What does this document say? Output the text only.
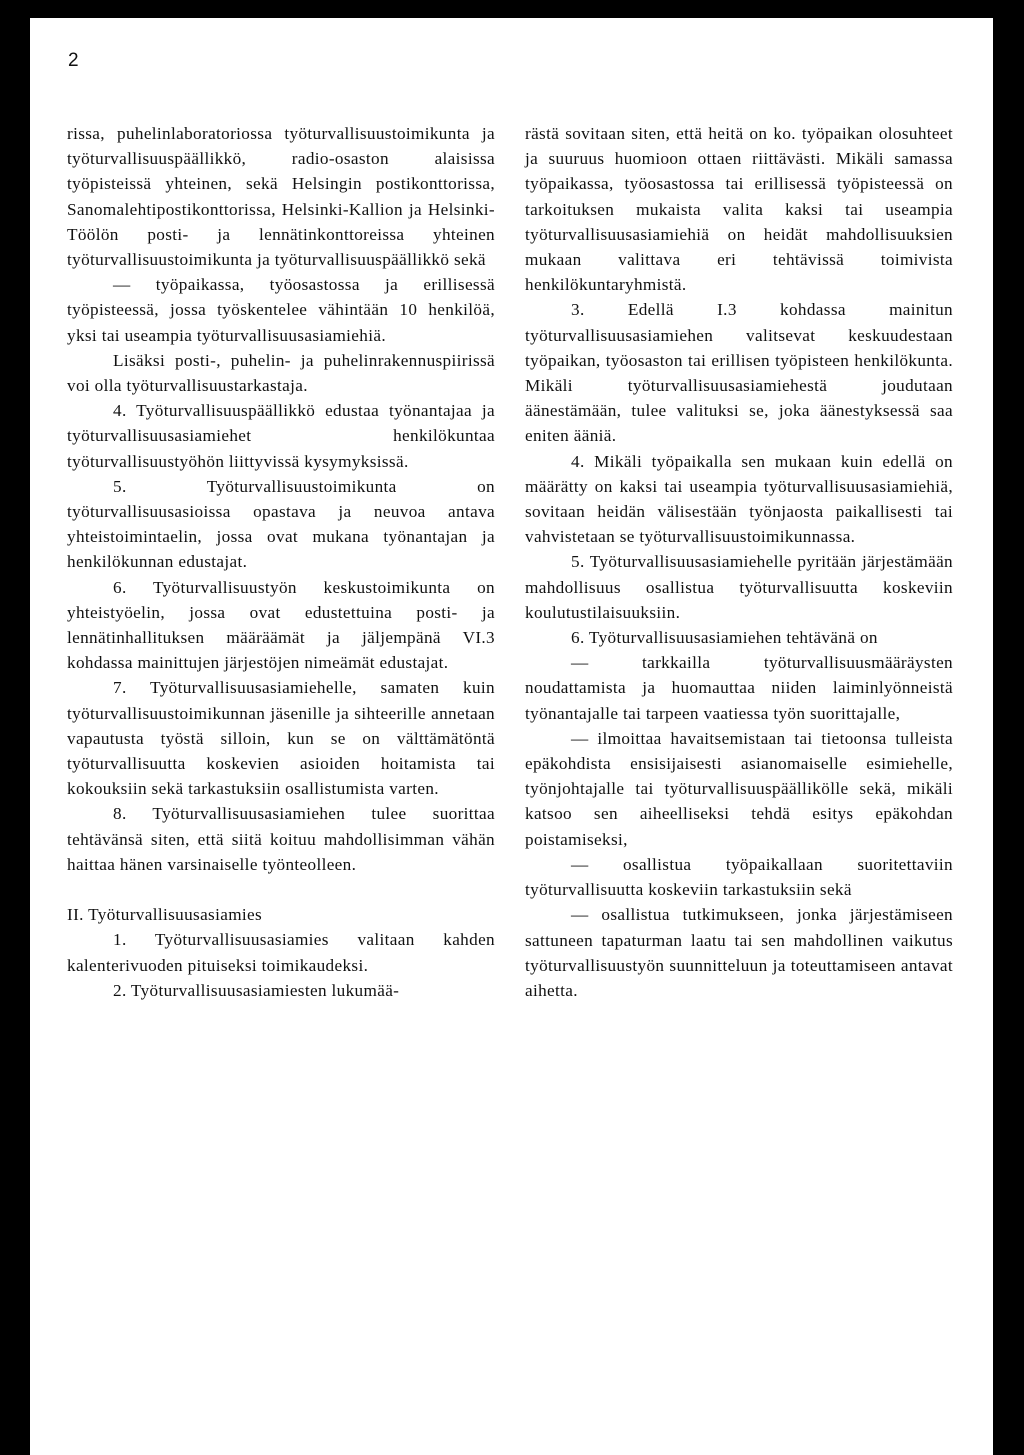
2

rissa, puhelinlaboratoriossa työturvallisuustoimikunta ja työturvallisuuspäällikkö, radio-osaston alaisissa työpisteissä yhteinen, sekä Helsingin postikonttorissa, Sanomalehtipostikonttorissa, Helsinki-Kallion ja Helsinki-Töölön posti- ja lennätinkonttoreissa yhteinen työturvallisuustoimikunta ja työturvallisuuspäällikkö sekä

— työpaikassa, työosastossa ja erillisessä työpisteessä, jossa työskentelee vähintään 10 henkilöä, yksi tai useampia työturvallisuusasiamiehiä.

Lisäksi posti-, puhelin- ja puhelinrakennuspiirissä voi olla työturvallisuustarkastaja.

4. Työturvallisuuspäällikkö edustaa työnantajaa ja työturvallisuusasiamiehet henkilökuntaa työturvallisuustyöhön liittyvissä kysymyksissä.

5. Työturvallisuustoimikunta on työturvallisuusasioissa opastava ja neuvoa antava yhteistoimintaelin, jossa ovat mukana työnantajan ja henkilökunnan edustajat.

6. Työturvallisuustyön keskustoimikunta on yhteistyöelin, jossa ovat edustettuina posti- ja lennätinhallituksen määräämät ja jäljempänä VI.3 kohdassa mainittujen järjestöjen nimeämät edustajat.

7. Työturvallisuusasiamiehelle, samaten kuin työturvallisuustoimikunnan jäsenille ja sihteerille annetaan vapautusta työstä silloin, kun se on välttämätöntä työturvallisuutta koskevien asioiden hoitamista tai kokouksiin sekä tarkastuksiin osallistumista varten.

8. Työturvallisuusasiamiehen tulee suorittaa tehtävänsä siten, että siitä koituu mahdollisimman vähän haittaa hänen varsinaiselle työnteolleen.

II. Työturvallisuusasiamies

1. Työturvallisuusasiamies valitaan kahden kalenterivuoden pituiseksi toimikaudeksi.

2. Työturvallisuusasiamiesten lukumää-

rästä sovitaan siten, että heitä on ko. työpaikan olosuhteet ja suuruus huomioon ottaen riittävästi. Mikäli samassa työpaikassa, työosastossa tai erillisessä työpisteessä on tarkoituksen mukaista valita kaksi tai useampia työturvallisuusasiamiehiä on heidät mahdollisuuksien mukaan valittava eri tehtävissä toimivista henkilökuntaryhmistä.

3. Edellä I.3 kohdassa mainitun työturvallisuusasiamiehen valitsevat keskuudestaan työpaikan, työosaston tai erillisen työpisteen henkilökunta. Mikäli työturvallisuusasiamiehestä joudutaan äänestämään, tulee valituksi se, joka äänestyksessä saa eniten ääniä.

4. Mikäli työpaikalla sen mukaan kuin edellä on määrätty on kaksi tai useampia työturvallisuusasiamiehiä, sovitaan heidän välisestään työnjaosta paikallisesti tai vahvistetaan se työturvallisuustoimikunnassa.

5. Työturvallisuusasiamiehelle pyritään järjestämään mahdollisuus osallistua työturvallisuutta koskeviin koulutustilaisuuksiin.

6. Työturvallisuusasiamiehen tehtävänä on

— tarkkailla työturvallisuusmääräysten noudattamista ja huomauttaa niiden laiminlyönneistä työnantajalle tai tarpeen vaatiessa työn suorittajalle,

— ilmoittaa havaitsemistaan tai tietoonsa tulleista epäkohdista ensisijaisesti asianomaiselle esimiehelle, työnjohtajalle tai työturvallisuuspäällikölle sekä, mikäli katsoo sen aiheelliseksi tehdä esitys epäkohdan poistamiseksi,

— osallistua työpaikallaan suoritettaviin työturvallisuutta koskeviin tarkastuksiin sekä

— osallistua tutkimukseen, jonka järjestämiseen sattuneen tapaturman laatu tai sen mahdollinen vaikutus työturvallisuustyön suunnitteluun ja toteuttamiseen antavat aihetta.
